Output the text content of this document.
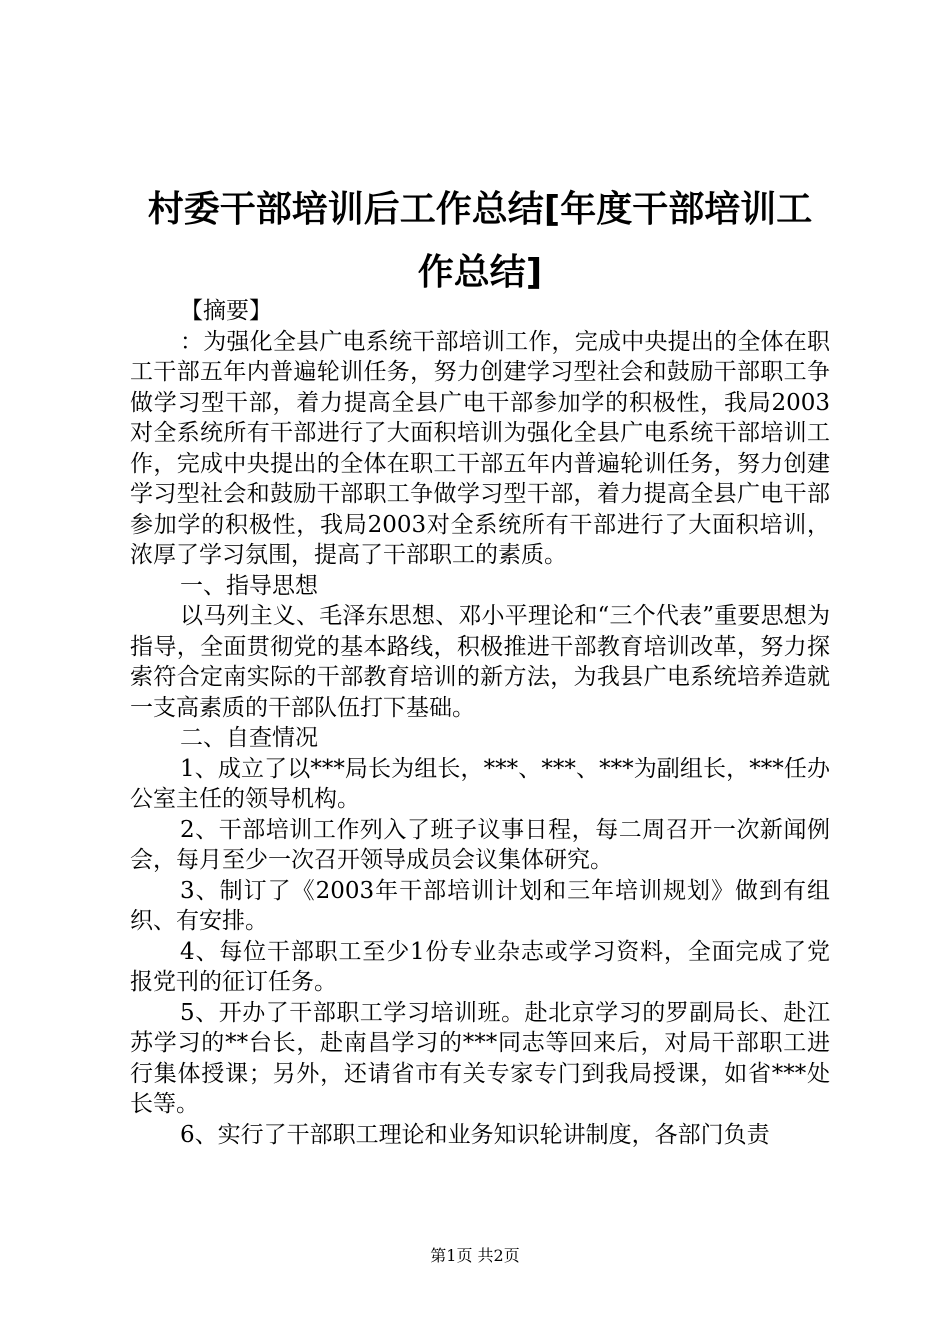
村委干部培训后工作总结[年度干部培训工作总结]

【摘要】

：为强化全县广电系统干部培训工作，完成中央提出的全体在职工干部五年内普遍轮训任务，努力创建学习型社会和鼓励干部职工争做学习型干部，着力提高全县广电干部参加学的积极性，我局2003对全系统所有干部进行了大面积培训为强化全县广电系统干部培训工作，完成中央提出的全体在职工干部五年内普遍轮训任务，努力创建学习型社会和鼓励干部职工争做学习型干部，着力提高全县广电干部参加学的积极性，我局2003对全系统所有干部进行了大面积培训，浓厚了学习氛围，提高了干部职工的素质。

一、指导思想

以马列主义、毛泽东思想、邓小平理论和“三个代表”重要思想为指导，全面贯彻党的基本路线，积极推进干部教育培训改革，努力探索符合定南实际的干部教育培训的新方法，为我县广电系统培养造就一支高素质的干部队伍打下基础。

二、自查情况

1、成立了以***局长为组长，***、***、***为副组长，***任办公室主任的领导机构。

2、干部培训工作列入了班子议事日程，每二周召开一次新闻例会，每月至少一次召开领导成员会议集体研究。

3、制订了《2003年干部培训计划和三年培训规划》做到有组织、有安排。

4、每位干部职工至少1份专业杂志或学习资料，全面完成了党报党刊的征订任务。

5、开办了干部职工学习培训班。赴北京学习的罗副局长、赴江苏学习的**台长，赴南昌学习的***同志等回来后，对局干部职工进行集体授课；另外，还请省市有关专家专门到我局授课，如省***处长等。

6、实行了干部职工理论和业务知识轮讲制度，各部门负责

第1页 共2页
